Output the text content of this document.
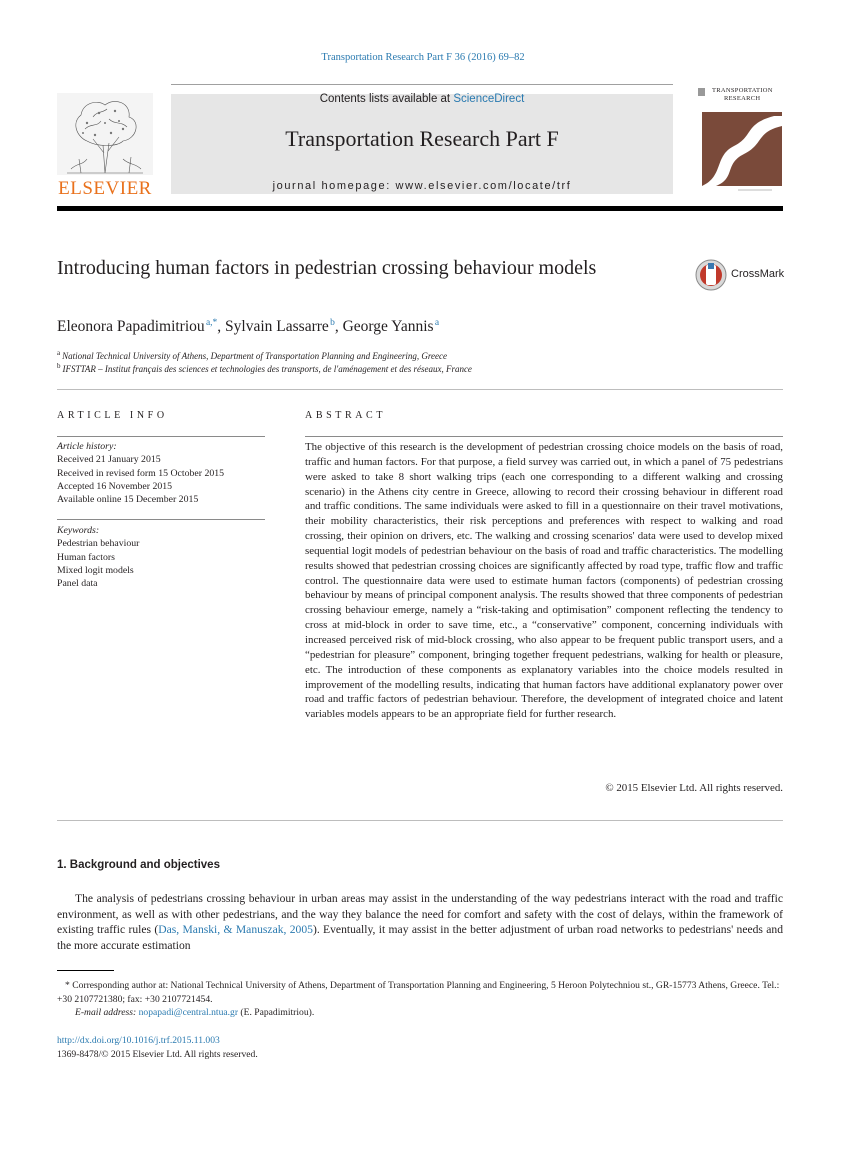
Transportation Research Part F 36 (2016) 69–82
ELSEVIER
Contents lists available at ScienceDirect
Transportation Research Part F
journal homepage: www.elsevier.com/locate/trf
TRANSPORTATION
RESEARCH
Introducing human factors in pedestrian crossing behaviour models	CrossMark
Eleonora Papadimitriou $^{a,*}$, Sylvain Lassarre $^b$, George Yannis $^a$
$^a$ National Technical University of Athens, Department of Transportation Planning and Engineering, Greece
$^b$ IFSTTAR – Institut français des sciences et technologies des transports, de l'aménagement et des réseaux, France
ARTICLE INFO
Article history:
Received 21 January 2015
Received in revised form 15 October 2015
Accepted 16 November 2015
Available online 15 December 2015
Keywords:
Pedestrian behaviour
Human factors
Mixed logit models
Panel data
ABSTRACT
The objective of this research is the development of pedestrian crossing choice models on the basis of road, traffic and human factors. For that purpose, a field survey was carried out, in which a panel of 75 pedestrians were asked to take 8 short walking trips (each one corresponding to a different walking and crossing scenario) in the Athens city centre in Greece, allowing to record their crossing behaviour in different road and traffic conditions. The same individuals were asked to fill in a questionnaire on their travel motivations, their mobility characteristics, their risk perceptions and preferences with respect to walking and road crossing, their opinion on drivers, etc. The walking and crossing scenarios' data were used to develop mixed sequential logit models of pedestrian behaviour on the basis of road and traffic characteristics. The modelling results showed that pedestrian crossing choices are significantly affected by road type, traffic flow and traffic control. The questionnaire data were used to estimate human factors (components) of pedestrian crossing behaviour by means of principal component analysis. The results showed that three components of pedestrian crossing behaviour emerge, namely a “risk-taking and optimisation” component reflecting the tendency to cross at mid-block in order to save time, etc., a “conservative” component, concerning individuals with increased perceived risk of mid-block crossing, who also appear to be frequent public transport users, and a “pedestrian for pleasure” component, bringing together frequent pedestrians, walking for health or pleasure, etc. The introduction of these components as explanatory variables into the choice models resulted in improvement of the modelling results, indicating that human factors have additional explanatory power over road and traffic factors of pedestrian behaviour. Therefore, the development of integrated choice and latent variables models appears to be an appropriate field for further research.
© 2015 Elsevier Ltd. All rights reserved.
1. Background and objectives

The analysis of pedestrians crossing behaviour in urban areas may assist in the understanding of the way pedestrians interact with the road and traffic environment, as well as with other pedestrians, and the way they balance the need for comfort and safety with the cost of delays, within the framework of existing traffic rules (Das, Manski, & Manuszak, 2005). Eventually, it may assist in the better adjustment of urban road networks to pedestrians' needs and the more accurate estimation

* Corresponding author at: National Technical University of Athens, Department of Transportation Planning and Engineering, 5 Heroon Polytechniou st., GR-15773 Athens, Greece. Tel.: +30 2107721380; fax: +30 2107721454.

E-mail address: nopapadi@central.ntua.gr (E. Papadimitriou).

http://dx.doi.org/10.1016/j.trf.2015.11.003
1369-8478/© 2015 Elsevier Ltd. All rights reserved.
